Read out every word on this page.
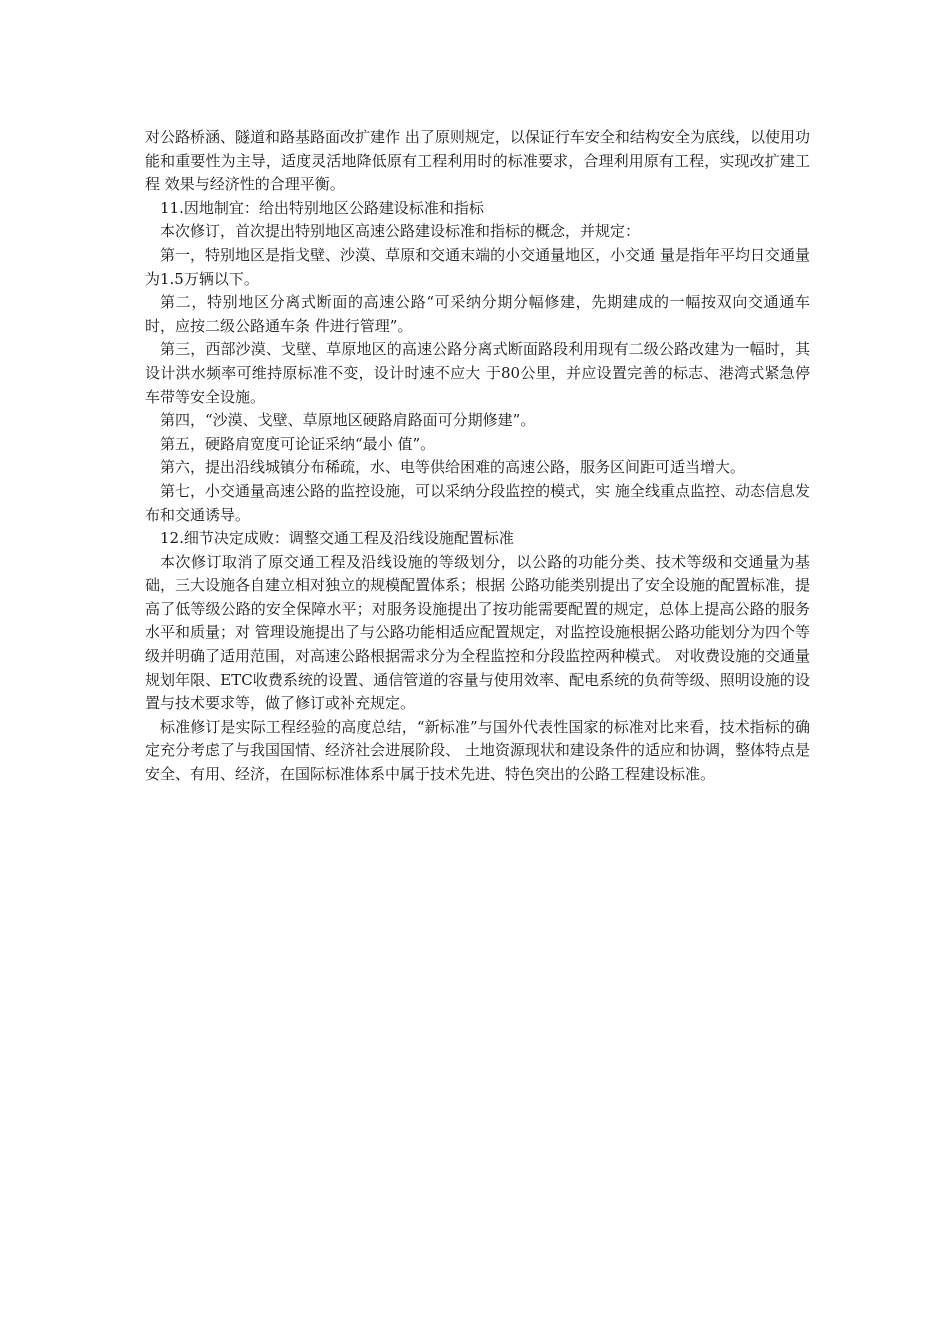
对公路桥涵、隧道和路基路面改扩建作 出了原则规定，以保证行车安全和结构安全为底线，以使用功能和重要性为主导，适度灵活地降低原有工程利用时的标准要求，合理利用原有工程，实现改扩建工程 效果与经济性的合理平衡。

11.因地制宜：给出特别地区公路建设标准和指标

本次修订，首次提出特别地区高速公路建设标准和指标的概念，并规定：

第一，特别地区是指戈壁、沙漠、草原和交通末端的小交通量地区，小交通 量是指年平均日交通量为1.5万辆以下。

第二，特别地区分离式断面的高速公路“可采纳分期分幅修建，先期建成的一幅按双向交通通车时，应按二级公路通车条 件进行管理”。

第三，西部沙漠、戈壁、草原地区的高速公路分离式断面路段利用现有二级公路改建为一幅时，其设计洪水频率可维持原标准不变，设计时速不应大 于80公里，并应设置完善的标志、港湾式紧急停车带等安全设施。

第四，“沙漠、戈壁、草原地区硬路肩路面可分期修建”。

第五，硬路肩宽度可论证采纳“最小 值”。

第六，提出沿线城镇分布稀疏，水、电等供给困难的高速公路，服务区间距可适当增大。

第七，小交通量高速公路的监控设施，可以采纳分段监控的模式，实 施全线重点监控、动态信息发布和交通诱导。

12.细节决定成败：调整交通工程及沿线设施配置标准

本次修订取消了原交通工程及沿线设施的等级划分，以公路的功能分类、技术等级和交通量为基础，三大设施各自建立相对独立的规模配置体系；根据 公路功能类别提出了安全设施的配置标准，提高了低等级公路的安全保障水平；对服务设施提出了按功能需要配置的规定，总体上提高公路的服务水平和质量；对 管理设施提出了与公路功能相适应配置规定，对监控设施根据公路功能划分为四个等级并明确了适用范围，对高速公路根据需求分为全程监控和分段监控两种模式。 对收费设施的交通量规划年限、ETC收费系统的设置、通信管道的容量与使用效率、配电系统的负荷等级、照明设施的设置与技术要求等，做了修订或补充规定。

标准修订是实际工程经验的高度总结，“新标准”与国外代表性国家的标准对比来看，技术指标的确定充分考虑了与我国国情、经济社会进展阶段、 土地资源现状和建设条件的适应和协调，整体特点是安全、有用、经济，在国际标准体系中属于技术先进、特色突出的公路工程建设标准。
